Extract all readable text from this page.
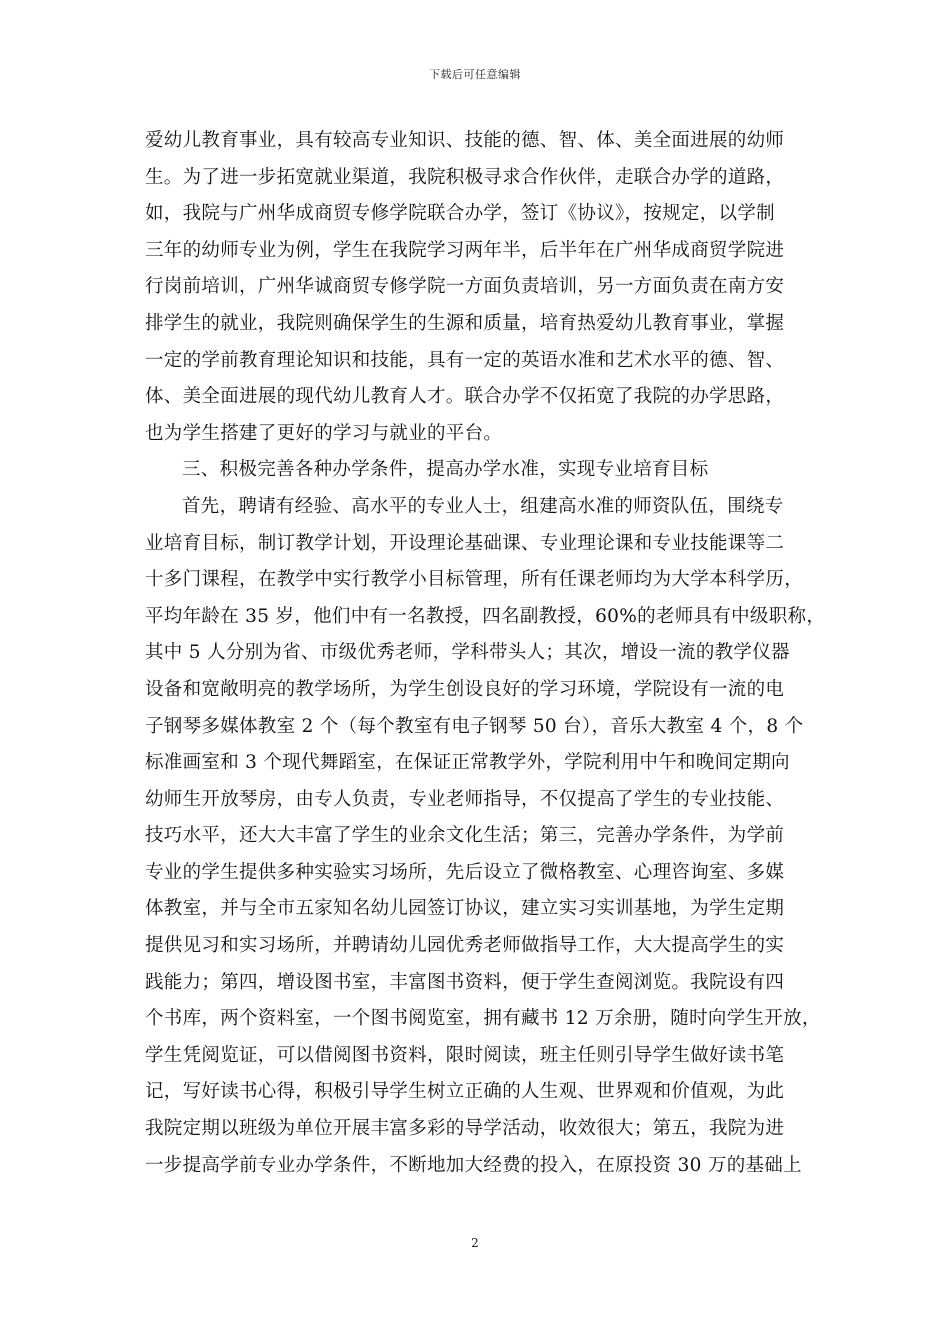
下载后可任意编辑
爱幼儿教育事业，具有较高专业知识、技能的德、智、体、美全面进展的幼师
生。为了进一步拓宽就业渠道，我院积极寻求合作伙伴，走联合办学的道路，
如，我院与广州华成商贸专修学院联合办学，签订《协议》，按规定，以学制
三年的幼师专业为例，学生在我院学习两年半，后半年在广州华成商贸学院进
行岗前培训，广州华诚商贸专修学院一方面负责培训，另一方面负责在南方安
排学生的就业，我院则确保学生的生源和质量，培育热爱幼儿教育事业，掌握
一定的学前教育理论知识和技能，具有一定的英语水准和艺术水平的德、智、
体、美全面进展的现代幼儿教育人才。联合办学不仅拓宽了我院的办学思路，
也为学生搭建了更好的学习与就业的平台。
三、积极完善各种办学条件，提高办学水准，实现专业培育目标
首先，聘请有经验、高水平的专业人士，组建高水准的师资队伍，围绕专
业培育目标，制订教学计划，开设理论基础课、专业理论课和专业技能课等二
十多门课程，在教学中实行教学小目标管理，所有任课老师均为大学本科学历，
平均年龄在 35 岁，他们中有一名教授，四名副教授，60%的老师具有中级职称，
其中 5 人分别为省、市级优秀老师，学科带头人；其次，增设一流的教学仪器
设备和宽敞明亮的教学场所，为学生创设良好的学习环境，学院设有一流的电
子钢琴多媒体教室 2 个（每个教室有电子钢琴 50 台），音乐大教室 4 个，8 个
标准画室和 3 个现代舞蹈室，在保证正常教学外，学院利用中午和晚间定期向
幼师生开放琴房，由专人负责，专业老师指导，不仅提高了学生的专业技能、
技巧水平，还大大丰富了学生的业余文化生活；第三，完善办学条件，为学前
专业的学生提供多种实验实习场所，先后设立了微格教室、心理咨询室、多媒
体教室，并与全市五家知名幼儿园签订协议，建立实习实训基地，为学生定期
提供见习和实习场所，并聘请幼儿园优秀老师做指导工作，大大提高学生的实
践能力；第四，增设图书室，丰富图书资料，便于学生查阅浏览。我院设有四
个书库，两个资料室，一个图书阅览室，拥有藏书 12 万余册，随时向学生开放，
学生凭阅览证，可以借阅图书资料，限时阅读，班主任则引导学生做好读书笔
记，写好读书心得，积极引导学生树立正确的人生观、世界观和价值观，为此
我院定期以班级为单位开展丰富多彩的导学活动，收效很大；第五，我院为进
一步提高学前专业办学条件，不断地加大经费的投入，在原投资 30 万的基础上
2
